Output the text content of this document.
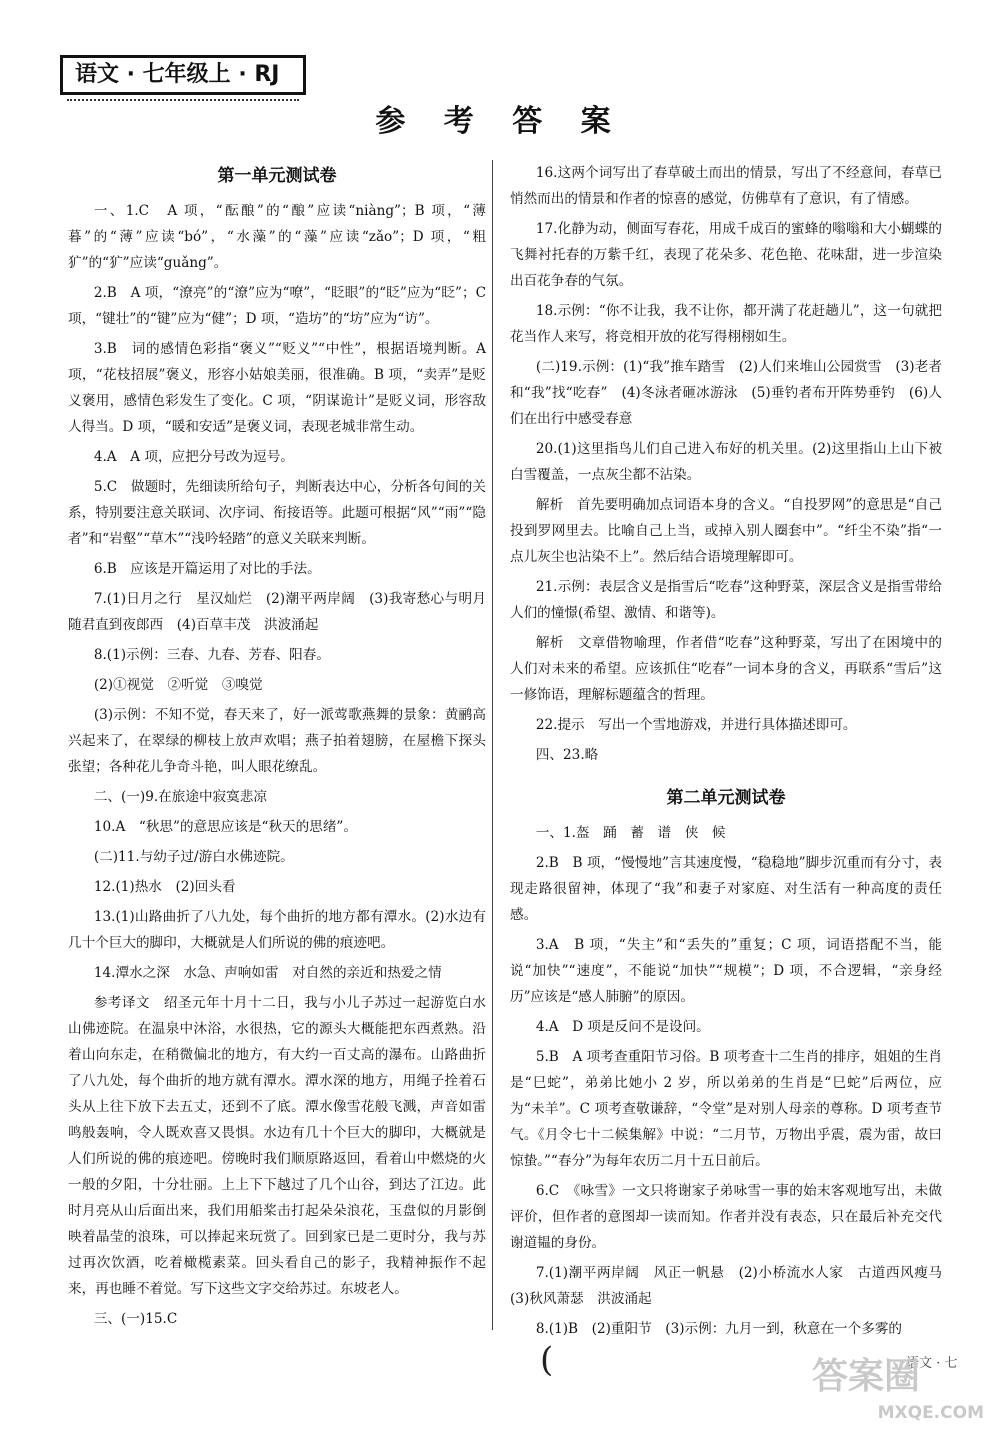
语文 · 七年级上 · RJ
参 考 答 案
第一单元测试卷
一、1.C　A 项，“酝酿”的“酿”应读“niàng”；B 项，“薄暮”的“薄”应读“bó”，“水藻”的“藻”应读“zǎo”；D 项，“粗犷”的“犷”应读“guǎng”。
2.B　A 项，“潦亮”的“潦”应为“嘹”，“眨眼”的“眨”应为“眨”；C 项，“键壮”的“键”应为“健”；D 项，“造坊”的“坊”应为“访”。
3.B　词的感情色彩指“褒义”“贬义”“中性”，根据语境判断。A 项，“花枝招展”褒义，形容小姑娘美丽，很准确。B 项，“卖弄”是贬义褒用，感情色彩发生了变化。C 项，“阴谋诡计”是贬义词，形容敌人得当。D 项，“暖和安适”是褒义词，表现老城非常生动。
4.A　A 项，应把分号改为逗号。
5.C　做题时，先细读所给句子，判断表达中心，分析各句间的关系，特别要注意关联词、次序词、衔接语等。此题可根据“风”“雨”“隐者”和“岩壑”“草木”“浅吟轻踏”的意义关联来判断。
6.B　应该是开篇运用了对比的手法。
7.(1)日月之行　星汉灿烂　(2)潮平两岸阔　(3)我寄愁心与明月　随君直到夜郎西　(4)百草丰茂　洪波涌起
8.(1)示例：三春、九春、芳春、阳春。
(2)①视觉　②听觉　③嗅觉
(3)示例：不知不觉，春天来了，好一派莺歌燕舞的景象：黄鹂高兴起来了，在翠绿的柳枝上放声欢唱；燕子拍着翅膀，在屋檐下探头张望；各种花儿争奇斗艳，叫人眼花缭乱。
二、(一)9.在旅途中寂寞悲凉
10.A　“秋思”的意思应该是“秋天的思绪”。
(二)11.与幼子过/游白水佛迹院。
12.(1)热水　(2)回头看
13.(1)山路曲折了八九处，每个曲折的地方都有潭水。(2)水边有几十个巨大的脚印，大概就是人们所说的佛的痕迹吧。
14.潭水之深　水急、声响如雷　对自然的亲近和热爱之情
参考译文　绍圣元年十月十二日，我与小儿子苏过一起游览白水山佛迹院。在温泉中沐浴，水很热，它的源头大概能把东西煮熟。沿着山向东走，在稍微偏北的地方，有大约一百丈高的瀑布。山路曲折了八九处，每个曲折的地方就有潭水。潭水深的地方，用绳子拴着石头从上往下放下去五丈，还到不了底。潭水像雪花般飞溅，声音如雷鸣般轰响，令人既欢喜又畏惧。水边有几十个巨大的脚印，大概就是人们所说的佛的痕迹吧。傍晚时我们顺原路返回，看着山中燃烧的火一般的夕阳，十分壮丽。上上下下越过了几个山谷，到达了江边。此时月亮从山后面出来，我们用船桨击打起朵朵浪花，玉盘似的月影倒映着晶莹的浪珠，可以捧起来玩赏了。回到家已是二更时分，我与苏过再次饮酒，吃着橄榄素菜。回头看自己的影子，我精神振作不起来，再也睡不着觉。写下这些文字交给苏过。东坡老人。
三、(一)15.C
16.这两个词写出了春草破土而出的情景，写出了不经意间，春草已悄然而出的情景和作者的惊喜的感觉，仿佛草有了意识，有了情感。
17.化静为动，侧面写春花，用成千成百的蜜蜂的嗡嗡和大小蝴蝶的飞舞衬托春的万紫千红，表现了花朵多、花色艳、花味甜，进一步渲染出百花争春的气氛。
18.示例：“你不让我，我不让你，都开满了花赶趟儿”，这一句就把花当作人来写，将竞相开放的花写得栩栩如生。
(二)19.示例：(1)“我”推车踏雪　(2)人们来堆山公园赏雪　(3)老者和“我”找“吃春”　(4)冬泳者砸冰游泳　(5)垂钓者布开阵势垂钓　(6)人们在出行中感受春意
20.(1)这里指鸟儿们自己进入布好的机关里。(2)这里指山上山下被白雪覆盖，一点灰尘都不沾染。
解析　首先要明确加点词语本身的含义。“自投罗网”的意思是“自己投到罗网里去。比喻自己上当，或掉入别人圈套中”。“纤尘不染”指“一点儿灰尘也沾染不上”。然后结合语境理解即可。
21.示例：表层含义是指雪后“吃春”这种野菜，深层含义是指雪带给人们的憧憬(希望、激情、和谐等)。
解析　文章借物喻理，作者借“吃春”这种野菜，写出了在困境中的人们对未来的希望。应该抓住“吃春”一词本身的含义，再联系“雪后”这一修饰语，理解标题蕴含的哲理。
22.提示　写出一个雪地游戏，并进行具体描述即可。
四、23.略
第二单元测试卷
一、1.盔　踊　蓄　谱　侠　候
2.B　B 项，“慢慢地”言其速度慢，“稳稳地”脚步沉重而有分寸，表现走路很留神，体现了“我”和妻子对家庭、对生活有一种高度的责任感。
3.A　B 项，“失主”和“丢失的”重复；C 项，词语搭配不当，能说“加快”“速度”，不能说“加快”“规模”；D 项，不合逻辑，“亲身经历”应该是“感人肺腑”的原因。
4.A　D 项是反问不是设问。
5.B　A 项考查重阳节习俗。B 项考查十二生肖的排序，姐姐的生肖是“巳蛇”，弟弟比她小 2 岁，所以弟弟的生肖是“巳蛇”后两位，应为“未羊”。C 项考查敬谦辞，“令堂”是对别人母亲的尊称。D 项考查节气。《月令七十二候集解》中说：“二月节，万物出乎震，震为雷，故曰惊蛰。”“春分”为每年农历二月十五日前后。
6.C　《咏雪》一文只将谢家子弟咏雪一事的始末客观地写出，未做评价，但作者的意图却一读而知。作者并没有表态，只在最后补充交代谢道韫的身份。
7.(1)潮平两岸阔　风正一帆悬　(2)小桥流水人家　古道西风瘦马　(3)秋风萧瑟　洪波涌起
8.(1)B　(2)重阳节　(3)示例：九月一到，秋意在一个多雾的
(	语文 · 七
答案圈
MXQE.COM
